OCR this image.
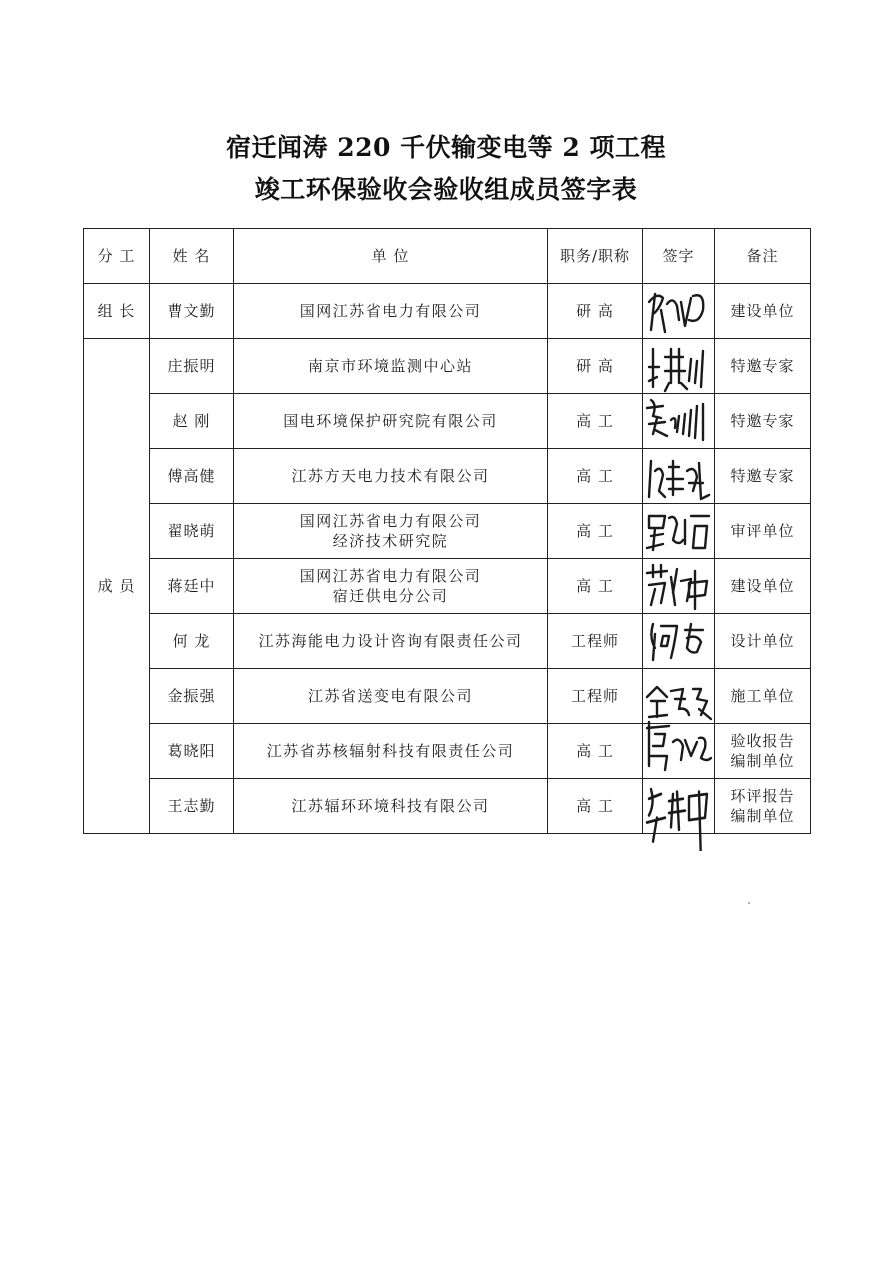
宿迁闻涛 220 千伏输变电等 2 项工程
竣工环保验收会验收组成员签字表
分 工	姓 名	单 位	职务/职称	签字	备注
组 长	曹文勤	国网江苏省电力有限公司	研 高		建设单位
成 员	庄振明	南京市环境监测中心站	研 高		特邀专家
	赵 刚	国电环境保护研究院有限公司	高 工		特邀专家
	傅高健	江苏方天电力技术有限公司	高 工		特邀专家
	翟晓萌	国网江苏省电力有限公司
经济技术研究院	高 工		审评单位
	蒋廷中	国网江苏省电力有限公司
宿迁供电分公司	高 工		建设单位
	何 龙	江苏海能电力设计咨询有限责任公司	工程师		设计单位
	金振强	江苏省送变电有限公司	工程师		施工单位
	葛晓阳	江苏省苏核辐射科技有限责任公司	高 工		验收报告
编制单位
	王志勤	江苏辐环环境科技有限公司	高 工		环评报告
编制单位
